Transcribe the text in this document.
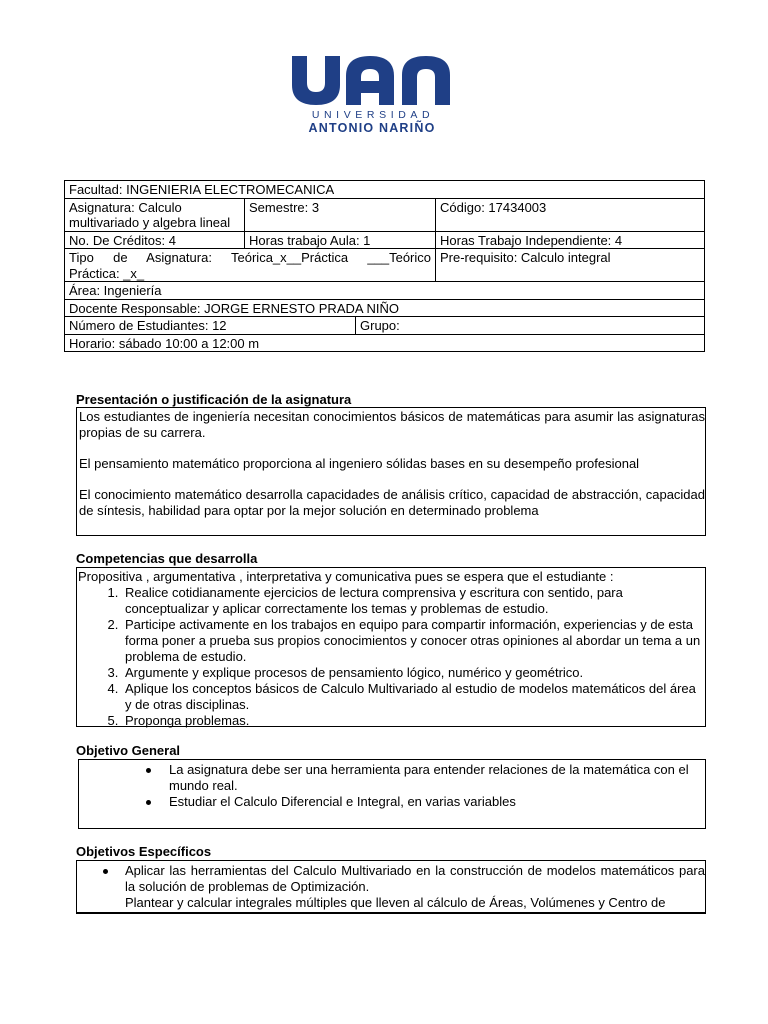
UNIVERSIDAD
ANTONIO NARIÑO
Facultad: INGENIERIA ELECTROMECANICA			
Asignatura: Calculo multivariado y algebra lineal	Semestre: 3		Código: 17434003
No. De Créditos: 4	Horas trabajo Aula: 1		Horas Trabajo Independiente: 4

Tipo de Asignatura: Teórica_x__Práctica ___Teórico
Práctica: _x_			Pre-requisito: Calculo integral
Área: Ingeniería			
Docente Responsable: JORGE ERNESTO PRADA NIÑO			
Número de Estudiantes: 12		Grupo:	
Horario: sábado 10:00 a 12:00 m			
Presentación o justificación de la asignatura

Los estudiantes de ingeniería necesitan conocimientos básicos de matemáticas para asumir las asignaturas propias de su carrera.

El pensamiento matemático proporciona al ingeniero sólidas bases en su desempeño profesional

El conocimiento matemático desarrolla capacidades de análisis crítico, capacidad de abstracción, capacidad de síntesis, habilidad para optar por la mejor solución en determinado problema

Competencias que desarrolla
Propositiva , argumentativa , interpretativa y comunicativa pues se espera que el estudiante :
1. Realice cotidianamente ejercicios de lectura comprensiva y escritura con sentido, para conceptualizar y aplicar correctamente los temas y problemas de estudio.
2. Participe activamente en los trabajos en equipo para compartir información, experiencias y de esta forma poner a prueba sus propios conocimientos y conocer otras opiniones al abordar un tema a un problema de estudio.
3. Argumente y explique procesos de pensamiento lógico, numérico y geométrico.
4. Aplique los conceptos básicos de Calculo Multivariado al estudio de modelos matemáticos del área y de otras disciplinas.
5. Proponga problemas.
Objetivo General
La asignatura debe ser una herramienta para entender relaciones de la matemática con el mundo real.
Estudiar el Calculo Diferencial e Integral, en varias variables
Objetivos Específicos
Aplicar las herramientas del Calculo Multivariado en la construcción de modelos matemáticos para la solución de problemas de Optimización.
Plantear y calcular integrales múltiples que lleven al cálculo de Áreas, Volúmenes y Centro de
